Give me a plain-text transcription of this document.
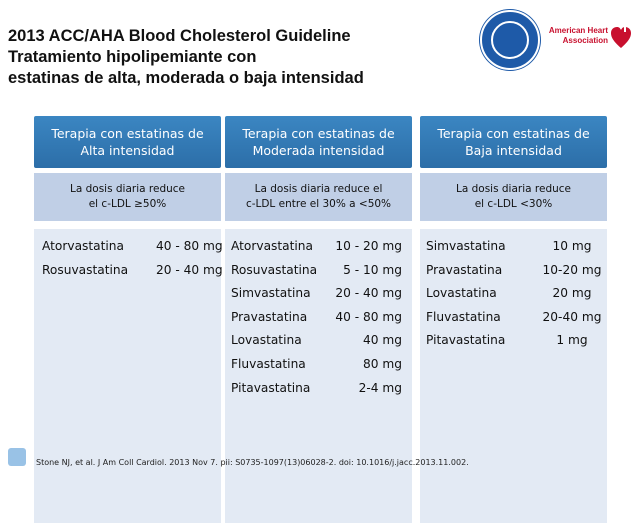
2013 ACC/AHA Blood Cholesterol Guideline
Tratamiento hipolipemiante con
estatinas de alta, moderada o baja intensidad
American Heart
Association
Terapia con estatinas de
Alta intensidad
La dosis diaria reduce
el c-LDL ≥50%
Atorvastatina	40 - 80 mg
Rosuvastatina 20 - 40 mg
Terapia con estatinas de
Moderada intensidad
La dosis diaria reduce el
c-LDL entre el 30% a <50%
Atorvastatina 10 - 20 mg
Rosuvastatina 5 - 10 mg
Simvastatina 20 - 40 mg
Pravastatina 40 - 80 mg
Lovastatina	40 mg
Fluvastatina	80 mg
Pitavastatina	2-4 mg
Terapia con estatinas de
Baja intensidad
La dosis diaria reduce
el c-LDL <30%
Simvastatina	10 mg
Pravastatina	10-20 mg
Lovastatina	20 mg
Fluvastatina	20-40 mg
Pitavastatina	1 mg
Stone NJ, et al. J Am Coll Cardiol. 2013 Nov 7. pii: S0735-1097(13)06028-2. doi: 10.1016/j.jacc.2013.11.002.
